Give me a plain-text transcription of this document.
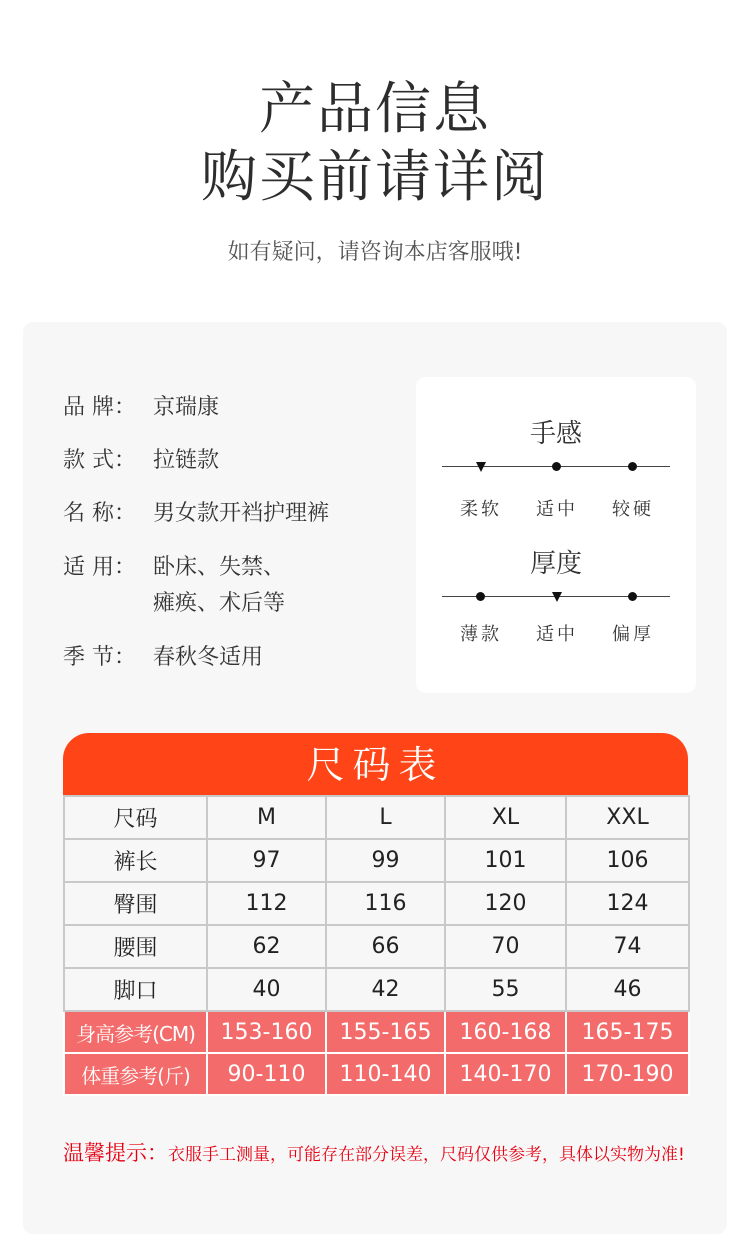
产品信息
购买前请详阅
如有疑问，请咨询本店客服哦!
品 牌： 京瑞康
款 式： 拉链款
名 称： 男女款开裆护理裤
适 用： 卧床、失禁、瘫痪、术后等
季 节： 春秋冬适用
手感
柔软	适中	较硬
厚度
薄款	适中	偏厚
尺码表
尺码	M	L	XL	XXL
裤长	97	99	101	106
臀围	112	116	120	124
腰围	62	66	70	74
脚口	40	42	55	46
身高参考(CM)	153-160	155-165	160-168	165-175
体重参考(斤)	90-110	110-140	140-170	170-190
温馨提示：衣服手工测量，可能存在部分误差，尺码仅供参考，具体以实物为准!
